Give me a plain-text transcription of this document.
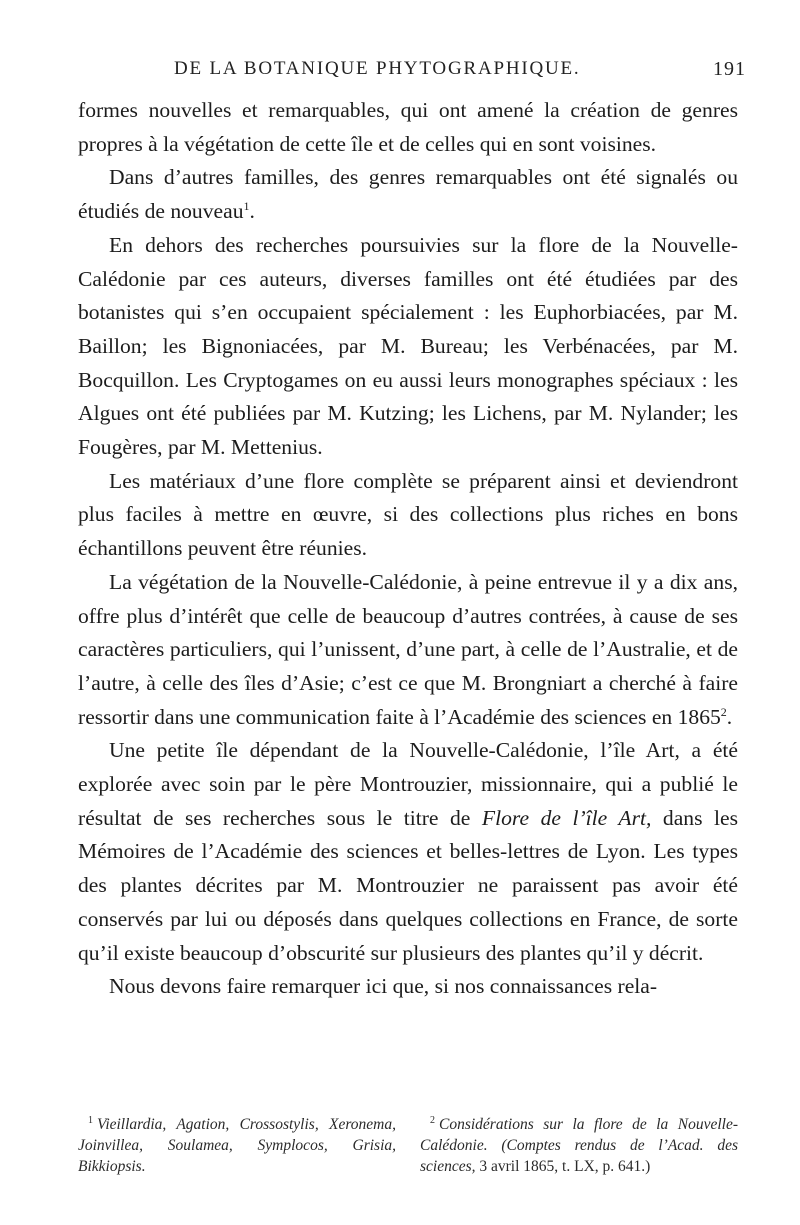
DE LA BOTANIQUE PHYTOGRAPHIQUE.	191

formes nouvelles et remarquables, qui ont amené la création de genres propres à la végétation de cette île et de celles qui en sont voisines.

Dans d’autres familles, des genres remarquables ont été signalés ou étudiés de nouveau$^1$.

En dehors des recherches poursuivies sur la flore de la Nouvelle-Calédonie par ces auteurs, diverses familles ont été étudiées par des botanistes qui s’en occupaient spécialement : les Euphorbiacées, par M. Baillon; les Bignoniacées, par M. Bureau; les Verbénacées, par M. Bocquillon. Les Cryptogames on eu aussi leurs monographes spéciaux : les Algues ont été publiées par M. Kutzing; les Lichens, par M. Nylander; les Fougères, par M. Mettenius.

Les matériaux d’une flore complète se préparent ainsi et deviendront plus faciles à mettre en œuvre, si des collections plus riches en bons échantillons peuvent être réunies.

La végétation de la Nouvelle-Calédonie, à peine entrevue il y a dix ans, offre plus d’intérêt que celle de beaucoup d’autres contrées, à cause de ses caractères particuliers, qui l’unissent, d’une part, à celle de l’Australie, et de l’autre, à celle des îles d’Asie; c’est ce que M. Brongniart a cherché à faire ressortir dans une communication faite à l’Académie des sciences en 1865$^2$.

Une petite île dépendant de la Nouvelle-Calédonie, l’île Art, a été explorée avec soin par le père Montrouzier, missionnaire, qui a publié le résultat de ses recherches sous le titre de Flore de l’île Art, dans les Mémoires de l’Académie des sciences et belles-lettres de Lyon. Les types des plantes décrites par M. Montrouzier ne paraissent pas avoir été conservés par lui ou déposés dans quelques collections en France, de sorte qu’il existe beaucoup d’obscurité sur plusieurs des plantes qu’il y décrit.

Nous devons faire remarquer ici que, si nos connaissances rela-

$^1$ Vieillardia, Agation, Crossostylis, Xeronema, Joinvillea, Soulamea, Symplocos, Grisia, Bikkiopsis.
$^2$ Considérations sur la flore de la Nouvelle-Calédonie. (Comptes rendus de l’Acad. des sciences, 3 avril 1865, t. LX, p. 641.)
